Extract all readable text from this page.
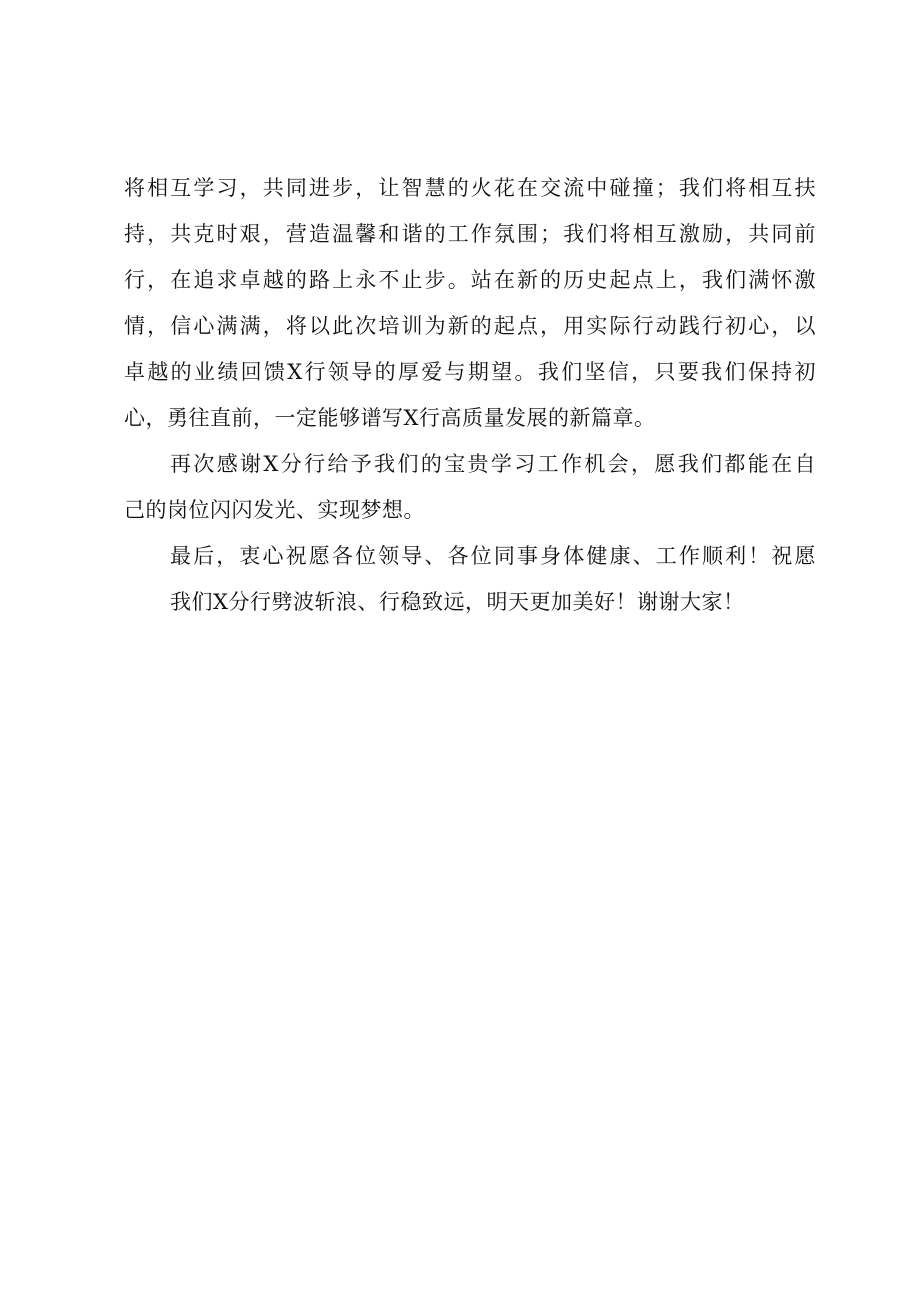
将相互学习，共同进步，让智慧的火花在交流中碰撞；我们将相互扶
持，共克时艰，营造温馨和谐的工作氛围；我们将相互激励，共同前
行，在追求卓越的路上永不止步。站在新的历史起点上，我们满怀激
情，信心满满，将以此次培训为新的起点，用实际行动践行初心，以
卓越的业绩回馈X行领导的厚爱与期望。我们坚信，只要我们保持初
心，勇往直前，一定能够谱写X行高质量发展的新篇章。
再次感谢X分行给予我们的宝贵学习工作机会，愿我们都能在自
己的岗位闪闪发光、实现梦想。
最后，衷心祝愿各位领导、各位同事身体健康、工作顺利！祝愿
我们X分行劈波斩浪、行稳致远，明天更加美好！谢谢大家！
